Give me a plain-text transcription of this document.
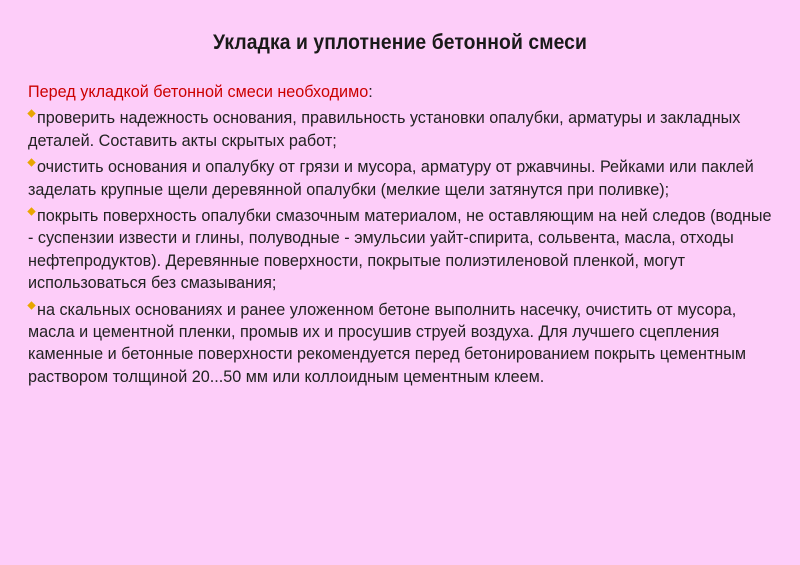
Укладка и уплотнение бетонной смеси

Перед укладкой бетонной смеси необходимо:

проверить надежность основания, правильность установки опалубки, арматуры и закладных деталей. Составить акты скрытых работ;

очистить основания и опалубку от грязи и мусора, арматуру от ржавчины. Рейками или паклей заделать крупные щели деревянной опалубки (мелкие щели затянутся при поливке);

покрыть поверхность опалубки смазочным материалом, не оставляющим на ней следов (водные - суспензии извести и глины, полуводные - эмульсии уайт-спирита, сольвента, масла, отходы нефтепродуктов). Деревянные поверхности, покрытые полиэтиленовой пленкой, могут использоваться без смазывания;

на скальных основаниях и ранее уложенном бетоне выполнить насечку, очистить от мусора, масла и цементной пленки, промыв их и просушив струей воздуха. Для лучшего сцепления каменные и бетонные поверхности рекомендуется перед бетонированием покрыть цементным раствором толщиной 20...50 мм или коллоидным цементным клеем.
